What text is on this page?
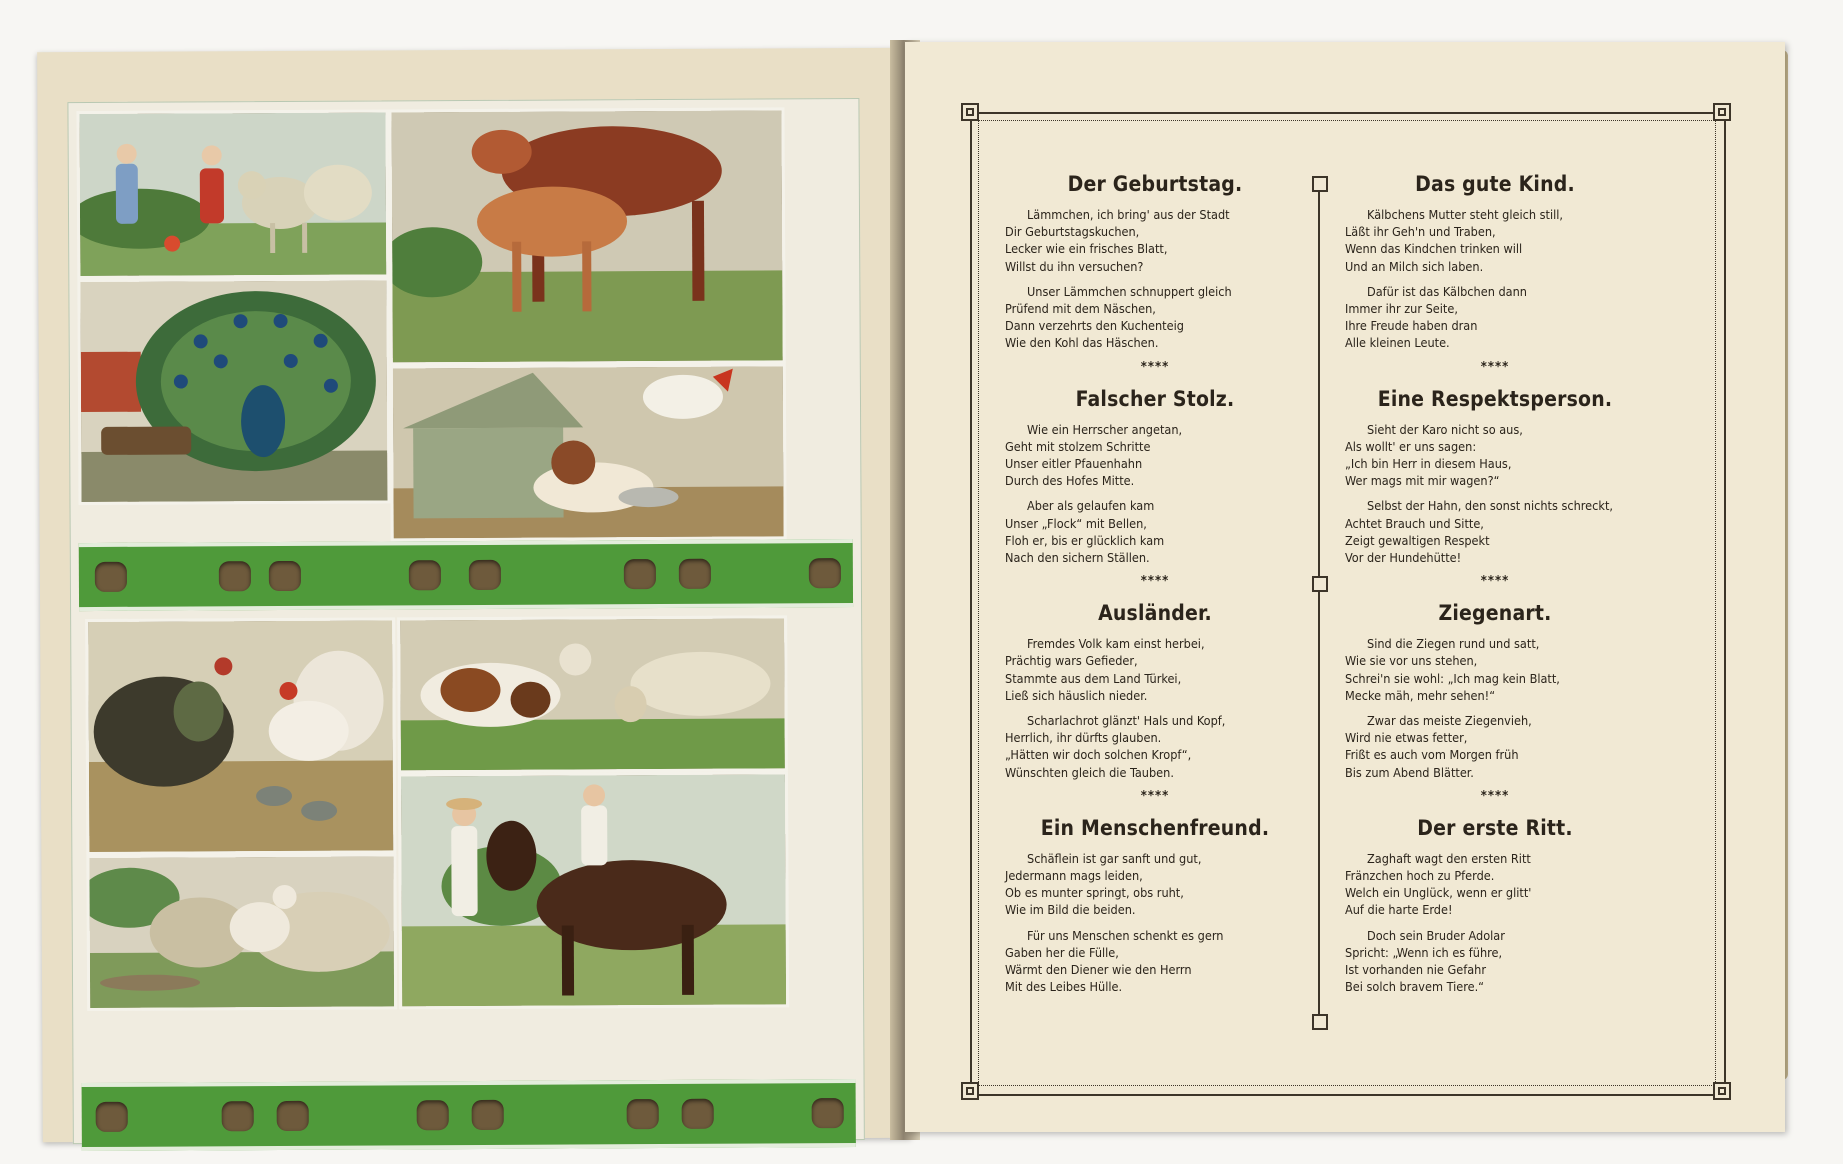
Der Geburtstag.
Lämmchen, ich bring' aus der Stadt
Dir Geburtstagskuchen,
Lecker wie ein frisches Blatt,
Willst du ihn versuchen?
Unser Lämmchen schnuppert gleich
Prüfend mit dem Näschen,
Dann verzehrts den Kuchenteig
Wie den Kohl das Häschen.
****
Falscher Stolz.
Wie ein Herrscher angetan,
Geht mit stolzem Schritte
Unser eitler Pfauenhahn
Durch des Hofes Mitte.
Aber als gelaufen kam
Unser „Flock“ mit Bellen,
Floh er, bis er glücklich kam
Nach den sichern Ställen.
****
Ausländer.
Fremdes Volk kam einst herbei,
Prächtig wars Gefieder,
Stammte aus dem Land Türkei,
Ließ sich häuslich nieder.
Scharlachrot glänzt' Hals und Kopf,
Herrlich, ihr dürfts glauben.
„Hätten wir doch solchen Kropf“,
Wünschten gleich die Tauben.
****
Ein Menschenfreund.
Schäflein ist gar sanft und gut,
Jedermann mags leiden,
Ob es munter springt, obs ruht,
Wie im Bild die beiden.
Für uns Menschen schenkt es gern
Gaben her die Fülle,
Wärmt den Diener wie den Herrn
Mit des Leibes Hülle.
Das gute Kind.
Kälbchens Mutter steht gleich still,
Läßt ihr Geh'n und Traben,
Wenn das Kindchen trinken will
Und an Milch sich laben.
Dafür ist das Kälbchen dann
Immer ihr zur Seite,
Ihre Freude haben dran
Alle kleinen Leute.
****
Eine Respektsperson.
Sieht der Karo nicht so aus,
Als wollt' er uns sagen:
„Ich bin Herr in diesem Haus,
Wer mags mit mir wagen?“
Selbst der Hahn, den sonst nichts schreckt,
Achtet Brauch und Sitte,
Zeigt gewaltigen Respekt
Vor der Hundehütte!
****
Ziegenart.
Sind die Ziegen rund und satt,
Wie sie vor uns stehen,
Schrei'n sie wohl: „Ich mag kein Blatt,
Mecke mäh, mehr sehen!“
Zwar das meiste Ziegenvieh,
Wird nie etwas fetter,
Frißt es auch vom Morgen früh
Bis zum Abend Blätter.
****
Der erste Ritt.
Zaghaft wagt den ersten Ritt
Fränzchen hoch zu Pferde.
Welch ein Unglück, wenn er glitt'
Auf die harte Erde!
Doch sein Bruder Adolar
Spricht: „Wenn ich es führe,
Ist vorhanden nie Gefahr
Bei solch bravem Tiere.“
